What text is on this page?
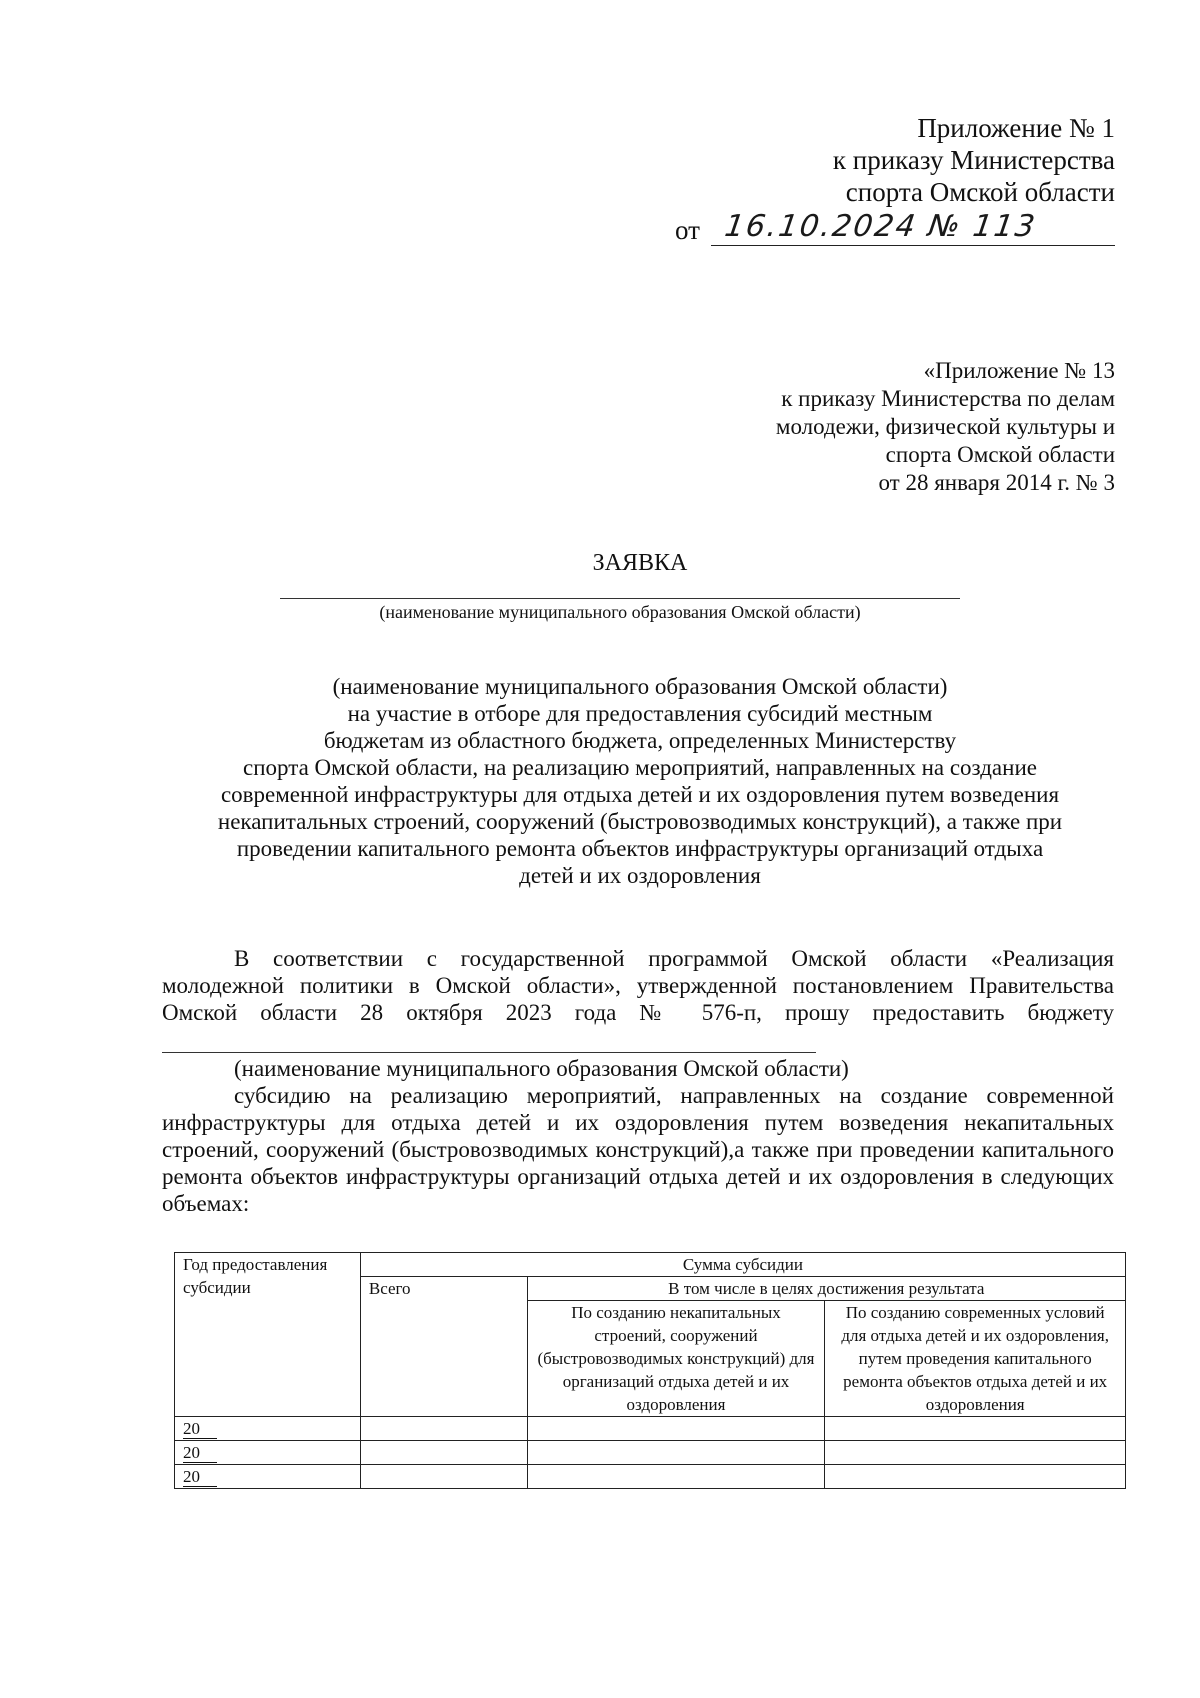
Приложение № 1
к приказу Министерства
спорта Омской области
от 16.10.2024 № 113
«Приложение № 13
к приказу Министерства по делам
молодежи, физической культуры и
спорта Омской области
от 28 января 2014 г. № 3
ЗАЯВКА
(наименование муниципального образования Омской области)
(наименование муниципального образования Омской области)
на участие в отборе для предоставления субсидий местным
бюджетам из областного бюджета, определенных Министерству
спорта Омской области, на реализацию мероприятий, направленных на создание
современной инфраструктуры для отдыха детей и их оздоровления путем возведения
некапитальных строений, сооружений (быстровозводимых конструкций), а также при
проведении капитального ремонта объектов инфраструктуры организаций отдыха
детей и их оздоровления
В соответствии с государственной программой Омской области «Реализация молодежной политики в Омской области», утвержденной постановлением Правительства Омской области 28 октября 2023 года № 576-п, прошу предоставить бюджету
(наименование муниципального образования Омской области)
субсидию на реализацию мероприятий, направленных на создание современной инфраструктуры для отдыха детей и их оздоровления путем возведения некапитальных строений, сооружений (быстровозводимых конструкций),а также при проведении капитального ремонта объектов инфраструктуры организаций отдыха детей и их оздоровления в следующих объемах:
Год предоставления субсидии	Сумма субсидии		
	Всего	В том числе в целях достижения результата	
		По созданию некапитальных строений, сооружений (быстровозводимых конструкций) для организаций отдыха детей и их оздоровления	По созданию современных условий для отдыха детей и их оздоровления, путем проведения капитального ремонта объектов отдыха детей и их оздоровления
20			
20			
20			
